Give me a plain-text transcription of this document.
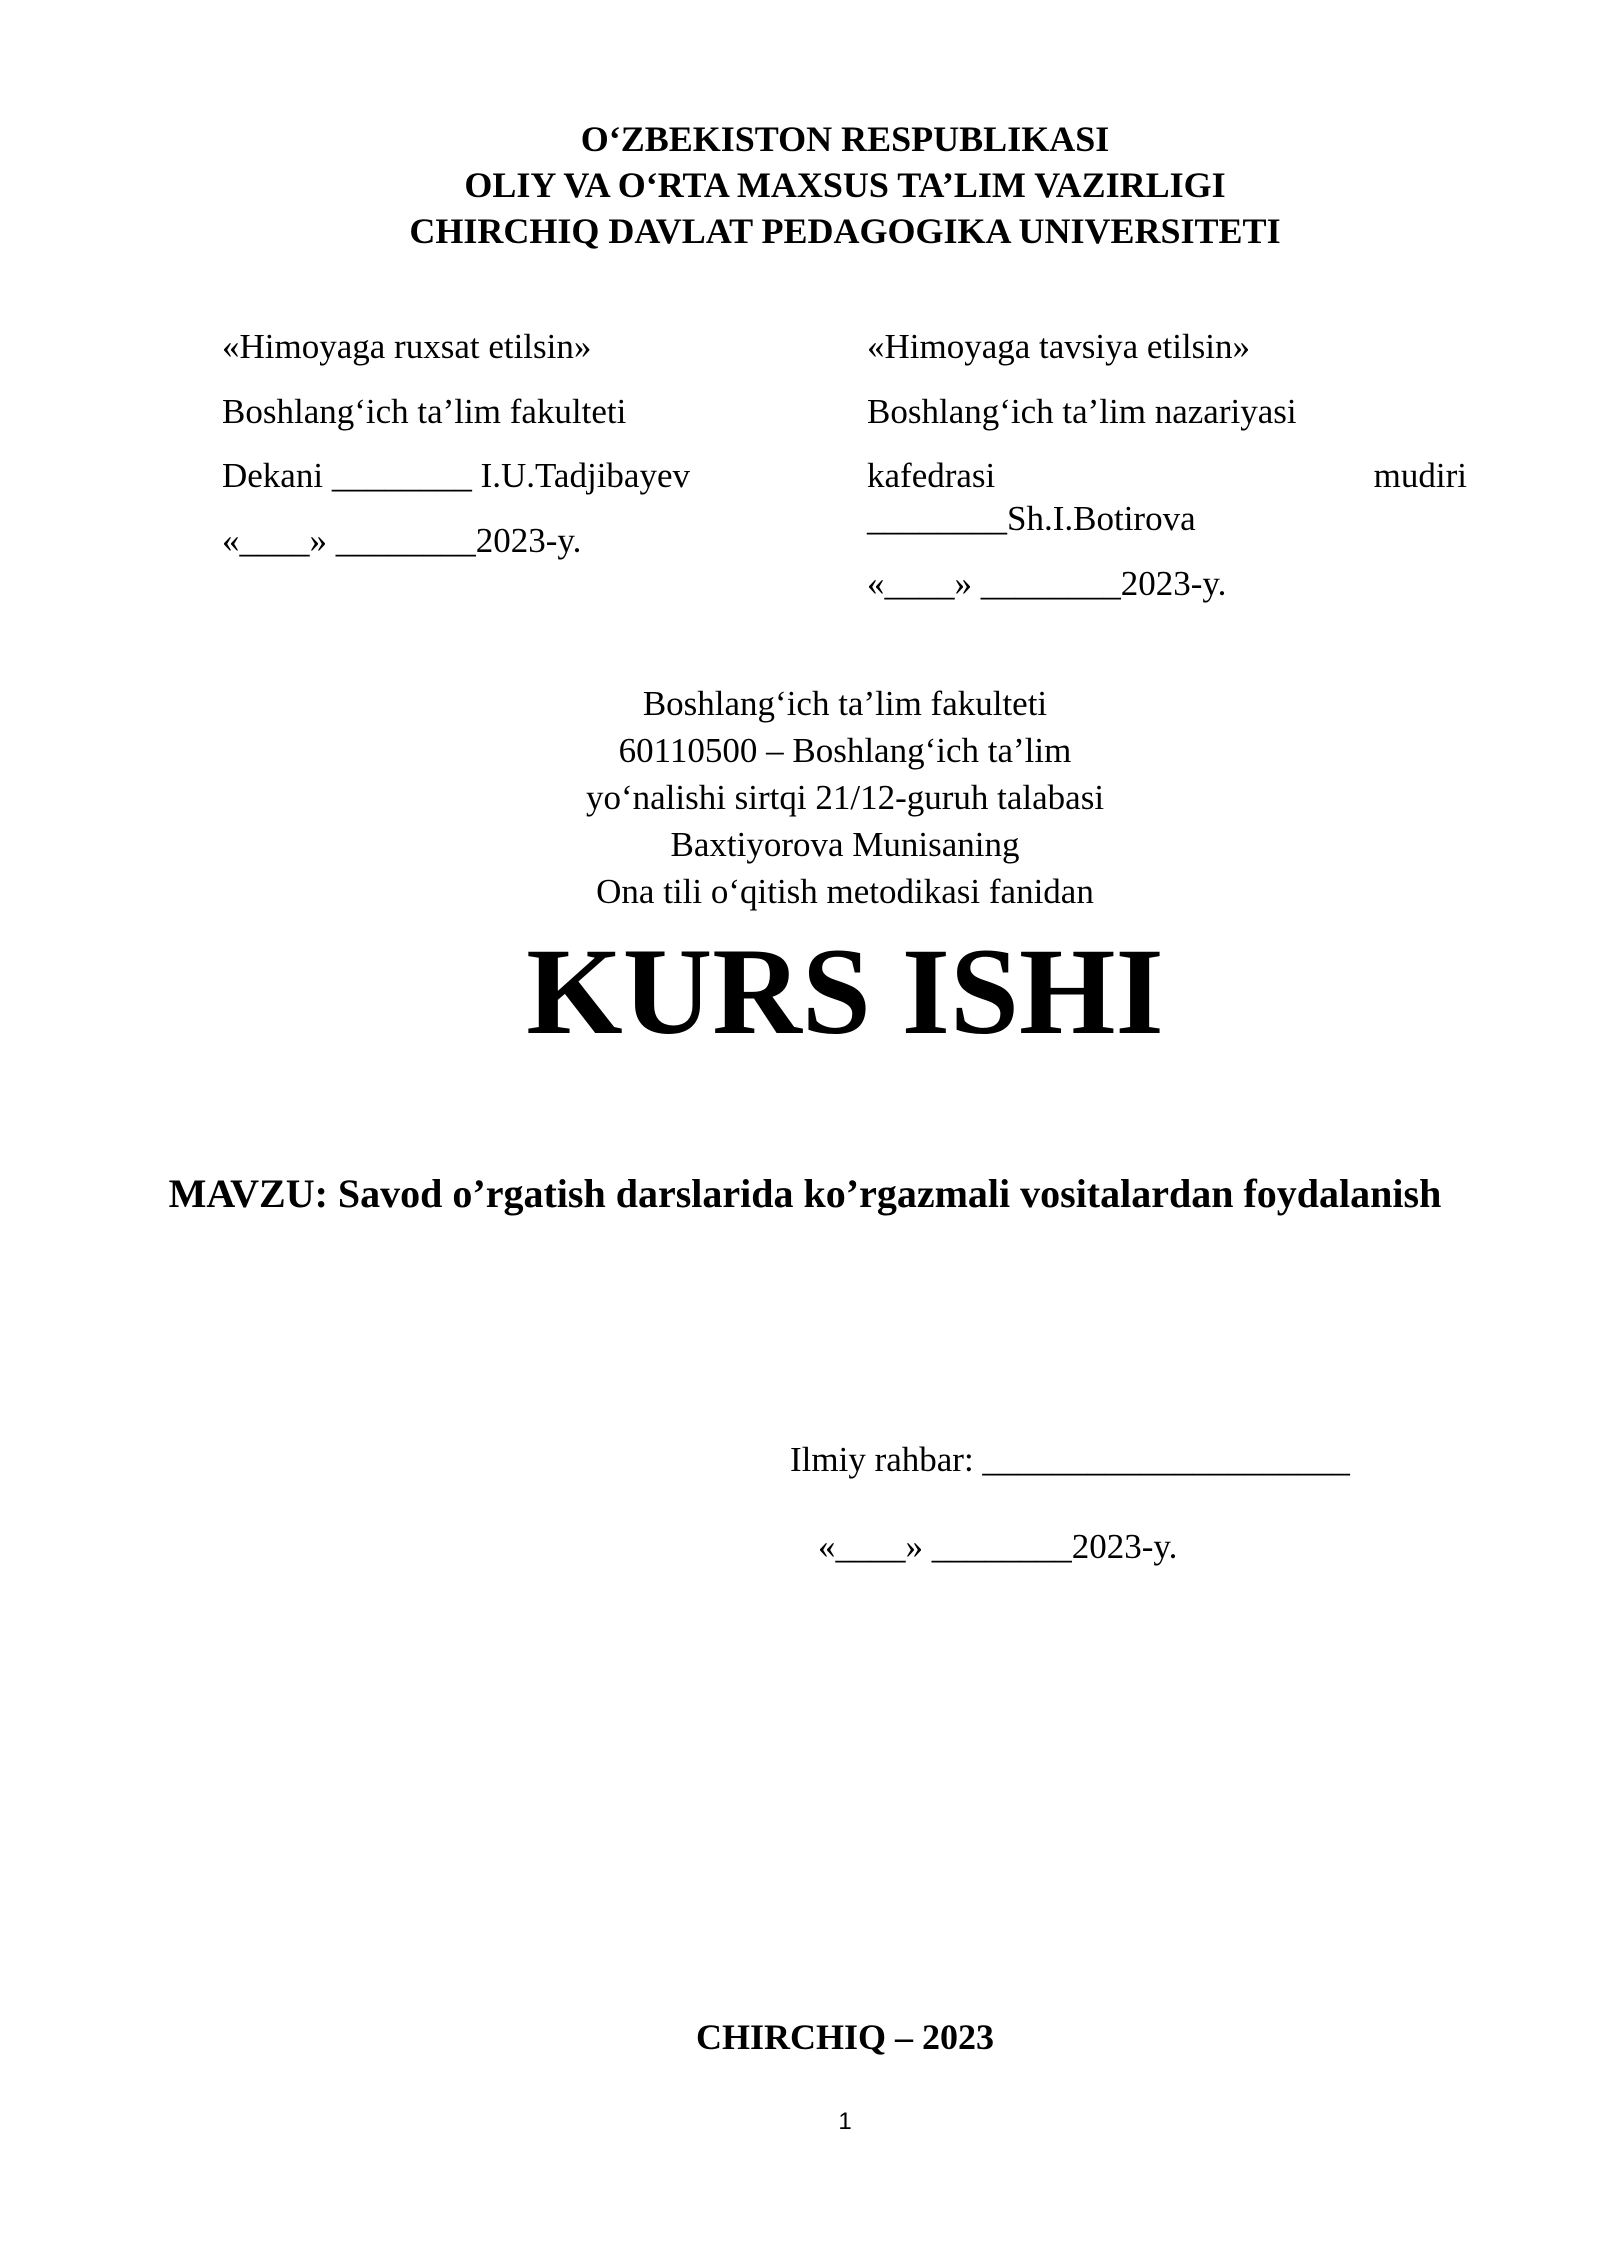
O‘ZBEKISTON RESPUBLIKASI
OLIY VA O‘RTA MAXSUS TA’LIM VAZIRLIGI
CHIRCHIQ DAVLAT PEDAGOGIKA UNIVERSITETI
«Himoyaga ruxsat etilsin»
Boshlang‘ich ta’lim fakulteti
Dekani ________ I.U.Tadjibayev
«____» ________2023-y.
«Himoyaga tavsiya etilsin»
Boshlang‘ich ta’lim nazariyasi
kafedrasi	mudiri
________Sh.I.Botirova
«____» ________2023-y.
Boshlang‘ich ta’lim fakulteti
60110500 – Boshlang‘ich ta’lim
yo‘nalishi sirtqi 21/12-guruh talabasi
Baxtiyorova Munisaning
Ona tili o‘qitish metodikasi fanidan
KURS ISHI
MAVZU: Savod o’rgatish darslarida ko’rgazmali vositalardan foydalanish
Ilmiy rahbar: _____________________
«____» ________2023-y.
CHIRCHIQ – 2023
1
